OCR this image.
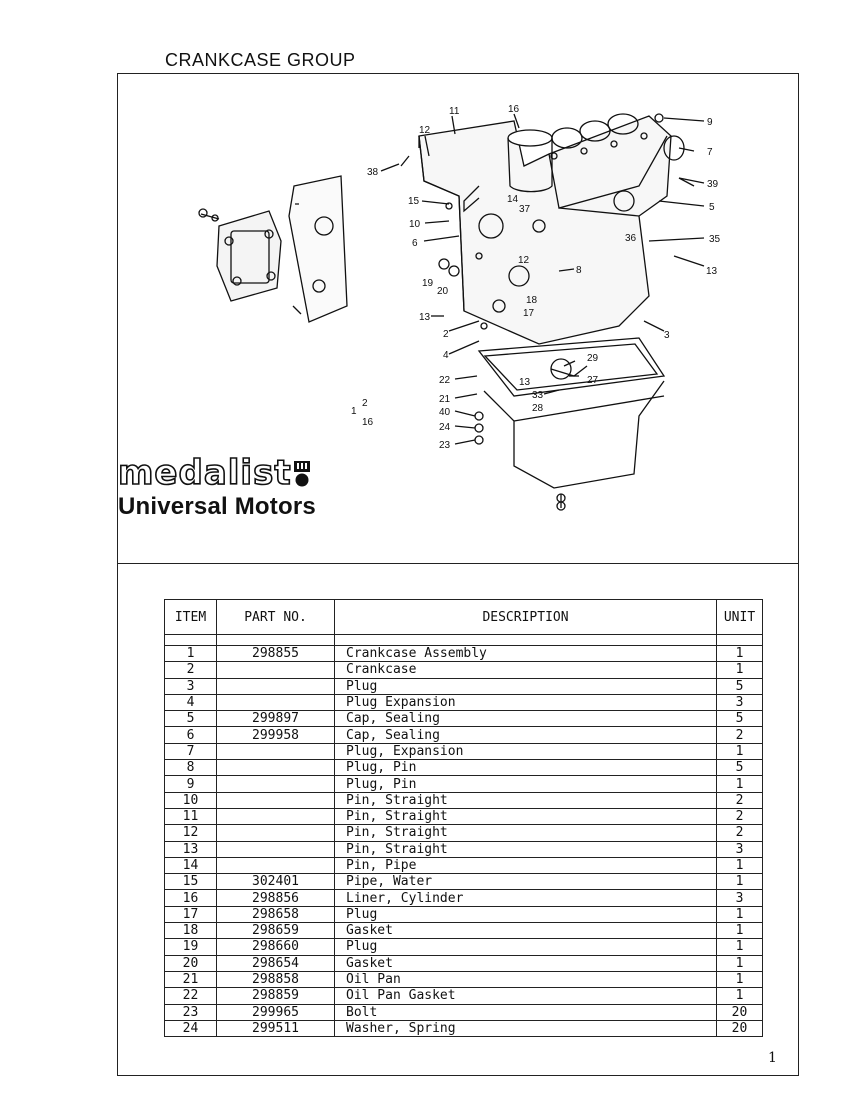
CRANKCASE GROUP
11	16
12
9
7
38
39
5
15	14
37
10
6	36	35
13
12
8
19
20
18
17
13
3
2
4	29
22	13	27
21	33
28
40
24
23
2
1
16
medalist
Universal Motors
ITEM	PART NO.	DESCRIPTION	UNIT

1	298855	Crankcase Assembly	1
2		Crankcase	1
3		Plug	5
4		Plug Expansion	3
5	299897	Cap, Sealing	5
6	299958	Cap, Sealing	2
7		Plug, Expansion	1
8		Plug, Pin	5
9		Plug, Pin	1
10		Pin, Straight	2
11		Pin, Straight	2
12		Pin, Straight	2
13		Pin, Straight	3
14		Pin, Pipe	1
15	302401	Pipe, Water	1
16	298856	Liner, Cylinder	3
17	298658	Plug	1
18	298659	Gasket	1
19	298660	Plug	1
20	298654	Gasket	1
21	298858	Oil Pan	1
22	298859	Oil Pan Gasket	1
23	299965	Bolt	20
24	299511	Washer, Spring	20
1
